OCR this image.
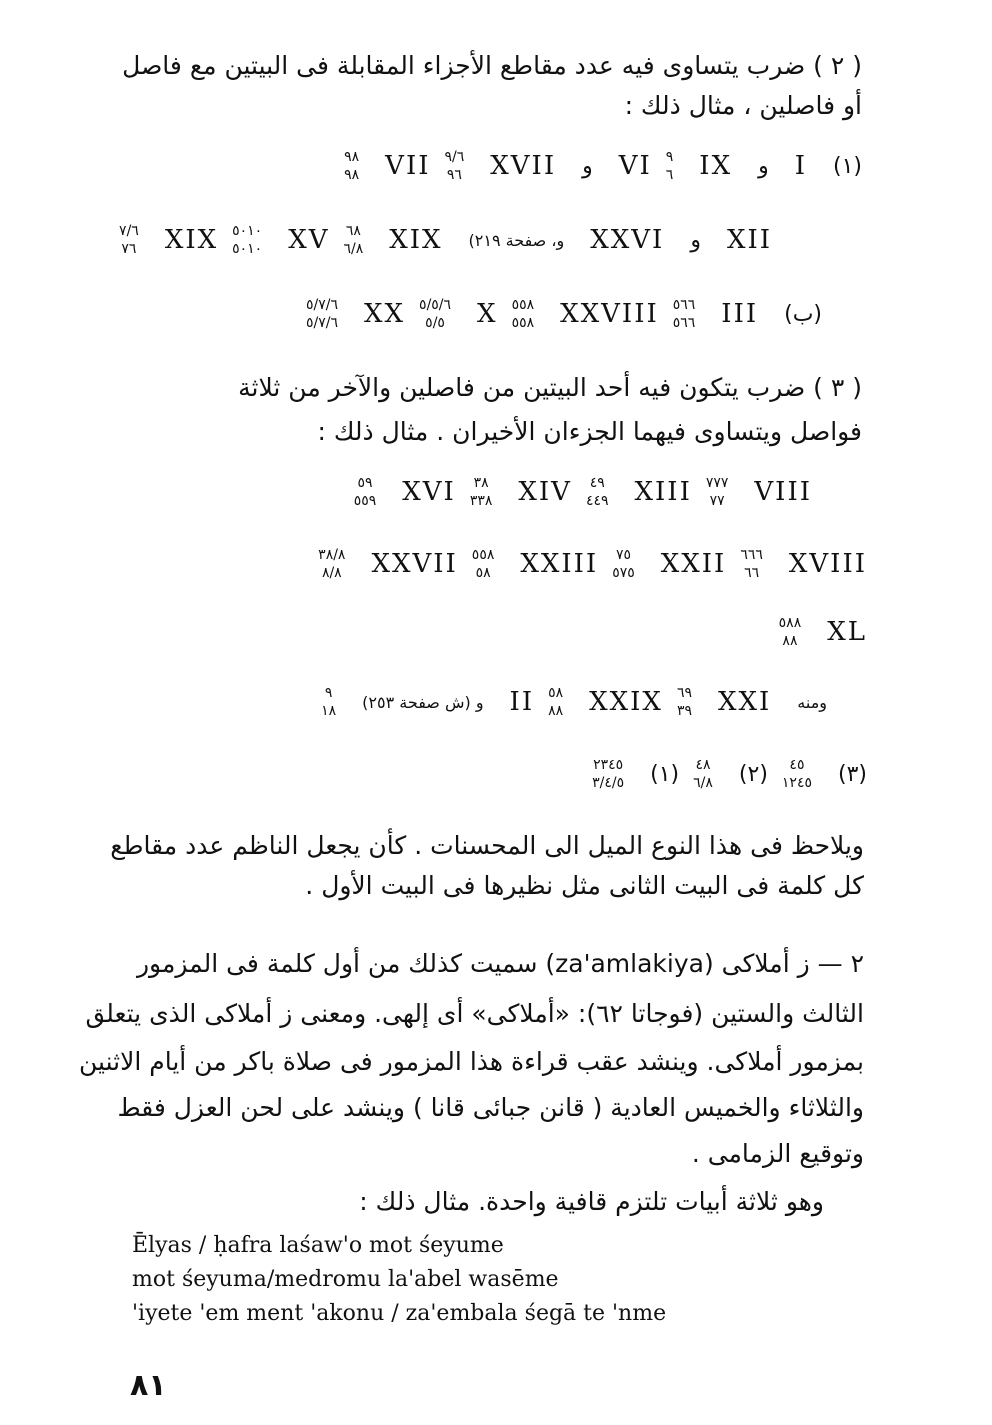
( ٢ ) ضرب يتساوى فيه عدد مقاطع الأجزاء المقابلة فى البيتين مع فاصل
أو فاصلين ، مثال ذلك :
(١)
I
و
IX
٩
٦
VI
و
XVII
٩/٦
٩٦
VII
٩٨
٩٨
XII
و
XXVI
و، صفحة ٢١٩)
XIX
٦٨
٦/٨
XV
٥٠١٠
٥٠١٠
XIX
٧/٦
٧٦
(ب)
III
٥٦٦
٥٦٦
XXVIII
٥٥٨
٥٥٨
X
٥/٥/٦
٥/٥
XX
٥/٧/٦
٥/٧/٦
( ٣ ) ضرب يتكون فيه أحد البيتين من فاصلين والآخر من ثلاثة
فواصل ويتساوى فيهما الجزءان الأخيران . مثال ذلك :
VIII
٧٧٧
٧٧
XIII
٤٩
٤٤٩
XIV
٣٨
٣٣٨
XVI
٥٩
٥٥٩
XVIII
٦٦٦
٦٦
XXII
٧٥
٥٧٥
XXIII
٥٥٨
٥٨
XXVII
٣٨/٨
٨/٨
XL
٥٨٨
٨٨
ومنه
XXI
٦٩
٣٩
XXIX
٥٨
٨٨
II
و (ش صفحة ٢٥٣)
٩
١٨
(٣)
٤٥
١٢٤٥
(٢)
٤٨
٦/٨
(١)
٢٣٤٥
٣/٤/٥
ويلاحظ فى هذا النوع الميل الى المحسنات . كأن يجعل الناظم عدد مقاطع
كل كلمة فى البيت الثانى مثل نظيرها فى البيت الأول .
٢ — ز أملاكى (za'amlakiya) سميت كذلك من أول كلمة فى المزمور
الثالث والستين (فوجاتا ٦٢): «أملاكى» أى إلهى. ومعنى ز أملاكى الذى يتعلق
بمزمور أملاكى. وينشد عقب قراءة هذا المزمور فى صلاة باكر من أيام الاثنين
والثلاثاء والخميس العادية ( قانن جبائى قانا ) وينشد على لحن العزل فقط
وتوقيع الزمامى .
وهو ثلاثة أبيات تلتزم قافية واحدة. مثال ذلك :
Ēlyas / ḥafra laśaw'o mot śeyume
mot śeyuma/medromu la'abel wasēme
'iyete 'em ment 'akonu / za'embala śegā te 'nme
٨١
